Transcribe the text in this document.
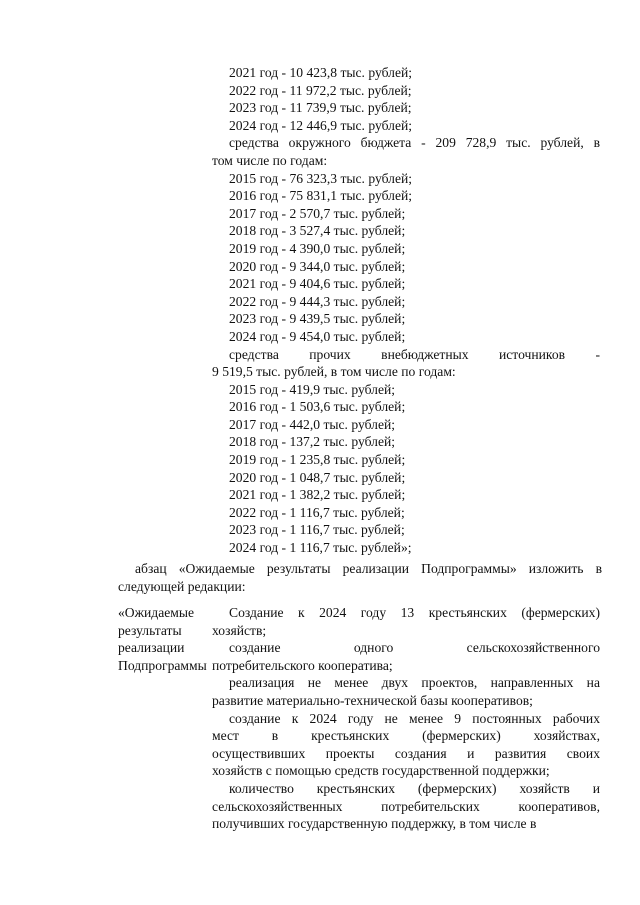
2021 год - 10 423,8 тыс. рублей;

2022 год - 11 972,2 тыс. рублей;

2023 год - 11 739,9 тыс. рублей;

2024 год - 12 446,9 тыс. рублей;

средства окружного бюджета - 209 728,9 тыс. рублей, в

том числе по годам:

2015 год - 76 323,3 тыс. рублей;

2016 год - 75 831,1 тыс. рублей;

2017 год - 2 570,7 тыс. рублей;

2018 год - 3 527,4 тыс. рублей;

2019 год - 4 390,0 тыс. рублей;

2020 год - 9 344,0 тыс. рублей;

2021 год - 9 404,6 тыс. рублей;

2022 год - 9 444,3 тыс. рублей;

2023 год - 9 439,5 тыс. рублей;

2024 год - 9 454,0 тыс. рублей;

средства прочих внебюджетных источников -

9 519,5 тыс. рублей, в том числе по годам:

2015 год - 419,9 тыс. рублей;

2016 год - 1 503,6 тыс. рублей;

2017 год - 442,0 тыс. рублей;

2018 год - 137,2 тыс. рублей;

2019 год - 1 235,8 тыс. рублей;

2020 год - 1 048,7 тыс. рублей;

2021 год - 1 382,2 тыс. рублей;

2022 год - 1 116,7 тыс. рублей;

2023 год - 1 116,7 тыс. рублей;

2024 год - 1 116,7 тыс. рублей»;

абзац «Ожидаемые результаты реализации Подпрограммы» изложить в

следующей редакции:

«Ожидаемые

результаты

реализации

Подпрограммы

Создание к 2024 году 13 крестьянских (фермерских)

хозяйств;

создание одного сельскохозяйственного

потребительского кооператива;

реализация не менее двух проектов, направленных на

развитие материально-технической базы кооперативов;

создание к 2024 году не менее 9 постоянных рабочих

мест в крестьянских (фермерских) хозяйствах,

осуществивших проекты создания и развития своих

хозяйств с помощью средств государственной поддержки;

количество крестьянских (фермерских) хозяйств и

сельскохозяйственных потребительских кооперативов,

получивших государственную поддержку, в том числе в
